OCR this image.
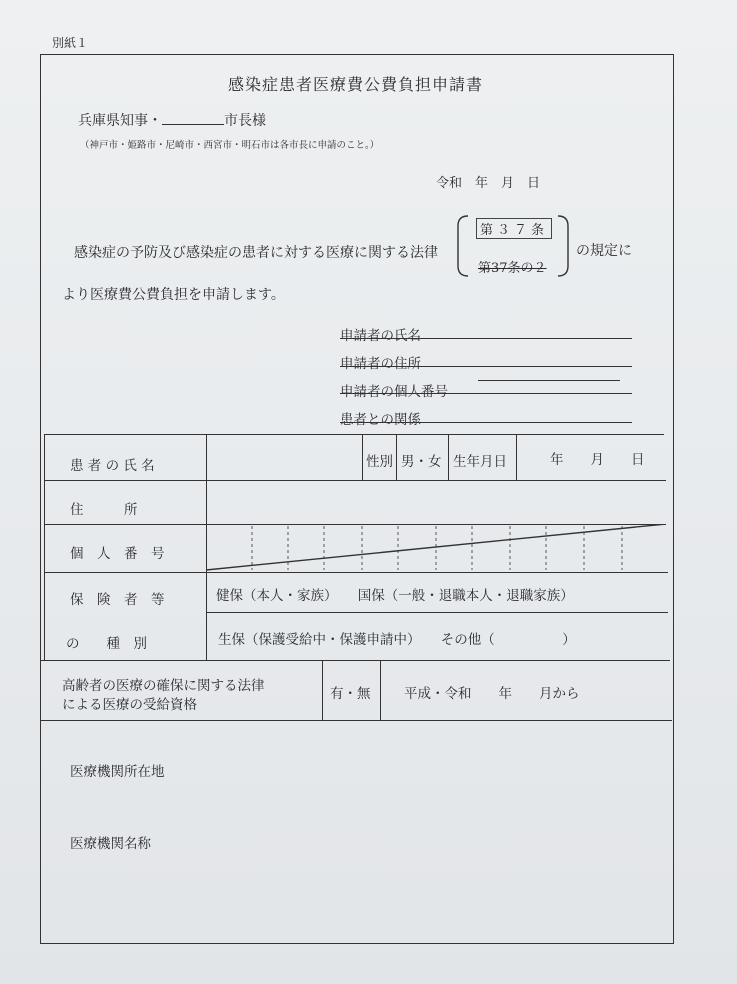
別紙１
感染症患者医療費公費負担申請書
兵庫県知事・	市長様
（神戸市・姫路市・尼崎市・西宮市・明石市は各市長に申請のこと。）
令和　年　月　日
感染症の予防及び感染症の患者に対する医療に関する法律
第３７条
第37条の２
の規定に
より医療費公費負担を申請します。
申請者の氏名
申請者の住所
申請者の個人番号
患者との関係
患 者 の 氏 名	性別 男・女 生年月日	年　　月　　日
住　　　所
個　人　番　号
保　険　者　等
の　　種　別
健保（本人・家族）　　国保（一般・退職本人・退職家族）
生保（保護受給中・保護申請中）　　その他（　　　　　）
高齢者の医療の確保に関する法律
による医療の受給資格
有・無 平成・令和　　年　　月から
医療機関所在地
医療機関名称
